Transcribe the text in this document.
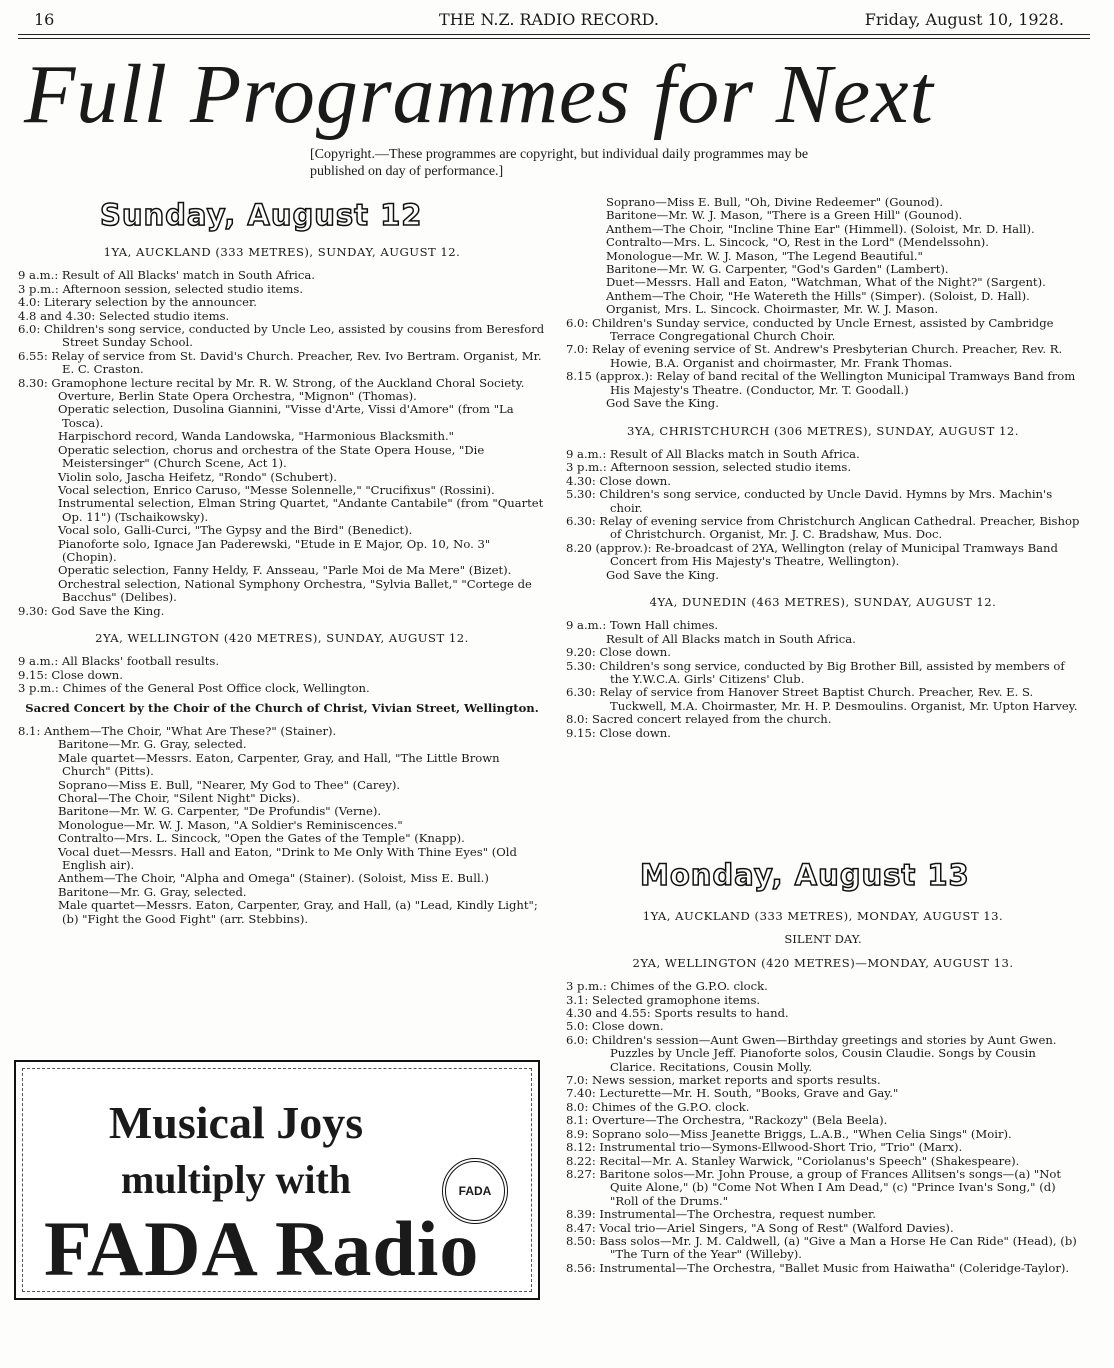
16	THE N.Z. RADIO RECORD.	Friday, August 10, 1928.
Full Programmes for Next
[Copyright.—These programmes are copyright, but individual daily programmes may be published on day of performance.]
Sunday, August 12
1YA, AUCKLAND (333 METRES), SUNDAY, AUGUST 12.
9 a.m.: Result of All Blacks' match in South Africa.
3 p.m.: Afternoon session, selected studio items.
4.0: Literary selection by the announcer.
4.8 and 4.30: Selected studio items.
6.0: Children's song service, conducted by Uncle Leo, assisted by cousins from Beresford Street Sunday School.
6.55: Relay of service from St. David's Church. Preacher, Rev. Ivo Bertram. Organist, Mr. E. C. Craston.
8.30: Gramophone lecture recital by Mr. R. W. Strong, of the Auckland Choral Society.
Overture, Berlin State Opera Orchestra, "Mignon" (Thomas).
Operatic selection, Dusolina Giannini, "Visse d'Arte, Vissi d'Amore" (from "La Tosca).
Harpischord record, Wanda Landowska, "Harmonious Blacksmith."
Operatic selection, chorus and orchestra of the State Opera House, "Die Meistersinger" (Church Scene, Act 1).
Violin solo, Jascha Heifetz, "Rondo" (Schubert).
Vocal selection, Enrico Caruso, "Messe Solennelle," "Crucifixus" (Rossini).
Instrumental selection, Elman String Quartet, "Andante Cantabile" (from "Quartet Op. 11") (Tschaikowsky).
Vocal solo, Galli-Curci, "The Gypsy and the Bird" (Benedict).
Pianoforte solo, Ignace Jan Paderewski, "Etude in E Major, Op. 10, No. 3" (Chopin).
Operatic selection, Fanny Heldy, F. Ansseau, "Parle Moi de Ma Mere" (Bizet).
Orchestral selection, National Symphony Orchestra, "Sylvia Ballet," "Cortege de Bacchus" (Delibes).
9.30: God Save the King.
2YA, WELLINGTON (420 METRES), SUNDAY, AUGUST 12.
9 a.m.: All Blacks' football results.
9.15: Close down.
3 p.m.: Chimes of the General Post Office clock, Wellington.
Sacred Concert by the Choir of the Church of Christ, Vivian Street, Wellington.
8.1: Anthem—The Choir, "What Are These?" (Stainer).
Baritone—Mr. G. Gray, selected.
Male quartet—Messrs. Eaton, Carpenter, Gray, and Hall, "The Little Brown Church" (Pitts).
Soprano—Miss E. Bull, "Nearer, My God to Thee" (Carey).
Choral—The Choir, "Silent Night" Dicks).
Baritone—Mr. W. G. Carpenter, "De Profundis" (Verne).
Monologue—Mr. W. J. Mason, "A Soldier's Reminiscences."
Contralto—Mrs. L. Sincock, "Open the Gates of the Temple" (Knapp).
Vocal duet—Messrs. Hall and Eaton, "Drink to Me Only With Thine Eyes" (Old English air).
Anthem—The Choir, "Alpha and Omega" (Stainer). (Soloist, Miss E. Bull.)
Baritone—Mr. G. Gray, selected.
Male quartet—Messrs. Eaton, Carpenter, Gray, and Hall, (a) "Lead, Kindly Light"; (b) "Fight the Good Fight" (arr. Stebbins).
Soprano—Miss E. Bull, "Oh, Divine Redeemer" (Gounod).
Baritone—Mr. W. J. Mason, "There is a Green Hill" (Gounod).
Anthem—The Choir, "Incline Thine Ear" (Himmell). (Soloist, Mr. D. Hall).
Contralto—Mrs. L. Sincock, "O, Rest in the Lord" (Mendelssohn).
Monologue—Mr. W. J. Mason, "The Legend Beautiful."
Baritone—Mr. W. G. Carpenter, "God's Garden" (Lambert).
Duet—Messrs. Hall and Eaton, "Watchman, What of the Night?" (Sargent).
Anthem—The Choir, "He Watereth the Hills" (Simper). (Soloist, D. Hall).
Organist, Mrs. L. Sincock. Choirmaster, Mr. W. J. Mason.
6.0: Children's Sunday service, conducted by Uncle Ernest, assisted by Cambridge Terrace Congregational Church Choir.
7.0: Relay of evening service of St. Andrew's Presbyterian Church. Preacher, Rev. R. Howie, B.A. Organist and choirmaster, Mr. Frank Thomas.
8.15 (approx.): Relay of band recital of the Wellington Municipal Tramways Band from His Majesty's Theatre. (Conductor, Mr. T. Goodall.)
God Save the King.
3YA, CHRISTCHURCH (306 METRES), SUNDAY, AUGUST 12.
9 a.m.: Result of All Blacks match in South Africa.
3 p.m.: Afternoon session, selected studio items.
4.30: Close down.
5.30: Children's song service, conducted by Uncle David. Hymns by Mrs. Machin's choir.
6.30: Relay of evening service from Christchurch Anglican Cathedral. Preacher, Bishop of Christchurch. Organist, Mr. J. C. Bradshaw, Mus. Doc.
8.20 (approv.): Re-broadcast of 2YA, Wellington (relay of Municipal Tramways Band Concert from His Majesty's Theatre, Wellington).
God Save the King.
4YA, DUNEDIN (463 METRES), SUNDAY, AUGUST 12.
9 a.m.: Town Hall chimes.
Result of All Blacks match in South Africa.
9.20: Close down.
5.30: Children's song service, conducted by Big Brother Bill, assisted by members of the Y.W.C.A. Girls' Citizens' Club.
6.30: Relay of service from Hanover Street Baptist Church. Preacher, Rev. E. S. Tuckwell, M.A. Choirmaster, Mr. H. P. Desmoulins. Organist, Mr. Upton Harvey.
8.0: Sacred concert relayed from the church.
9.15: Close down.
Monday, August 13
1YA, AUCKLAND (333 METRES), MONDAY, AUGUST 13.
SILENT DAY.
2YA, WELLINGTON (420 METRES)—MONDAY, AUGUST 13.
3 p.m.: Chimes of the G.P.O. clock.
3.1: Selected gramophone items.
4.30 and 4.55: Sports results to hand.
5.0: Close down.
6.0: Children's session—Aunt Gwen—Birthday greetings and stories by Aunt Gwen. Puzzles by Uncle Jeff. Pianoforte solos, Cousin Claudie. Songs by Cousin Clarice. Recitations, Cousin Molly.
7.0: News session, market reports and sports results.
7.40: Lecturette—Mr. H. South, "Books, Grave and Gay."
8.0: Chimes of the G.P.O. clock.
8.1: Overture—The Orchestra, "Rackozy" (Bela Beela).
8.9: Soprano solo—Miss Jeanette Briggs, L.A.B., "When Celia Sings" (Moir).
8.12: Instrumental trio—Symons-Ellwood-Short Trio, "Trio" (Marx).
8.22: Recital—Mr. A. Stanley Warwick, "Coriolanus's Speech" (Shakespeare).
8.27: Baritone solos—Mr. John Prouse, a group of Frances Allitsen's songs—(a) "Not Quite Alone," (b) "Come Not When I Am Dead," (c) "Prince Ivan's Song," (d) "Roll of the Drums."
8.39: Instrumental—The Orchestra, request number.
8.47: Vocal trio—Ariel Singers, "A Song of Rest" (Walford Davies).
8.50: Bass solos—Mr. J. M. Caldwell, (a) "Give a Man a Horse He Can Ride" (Head), (b) "The Turn of the Year" (Willeby).
8.56: Instrumental—The Orchestra, "Ballet Music from Haiwatha" (Coleridge-Taylor).
Musical Joys
multiply with
FADA Radio
FADA
